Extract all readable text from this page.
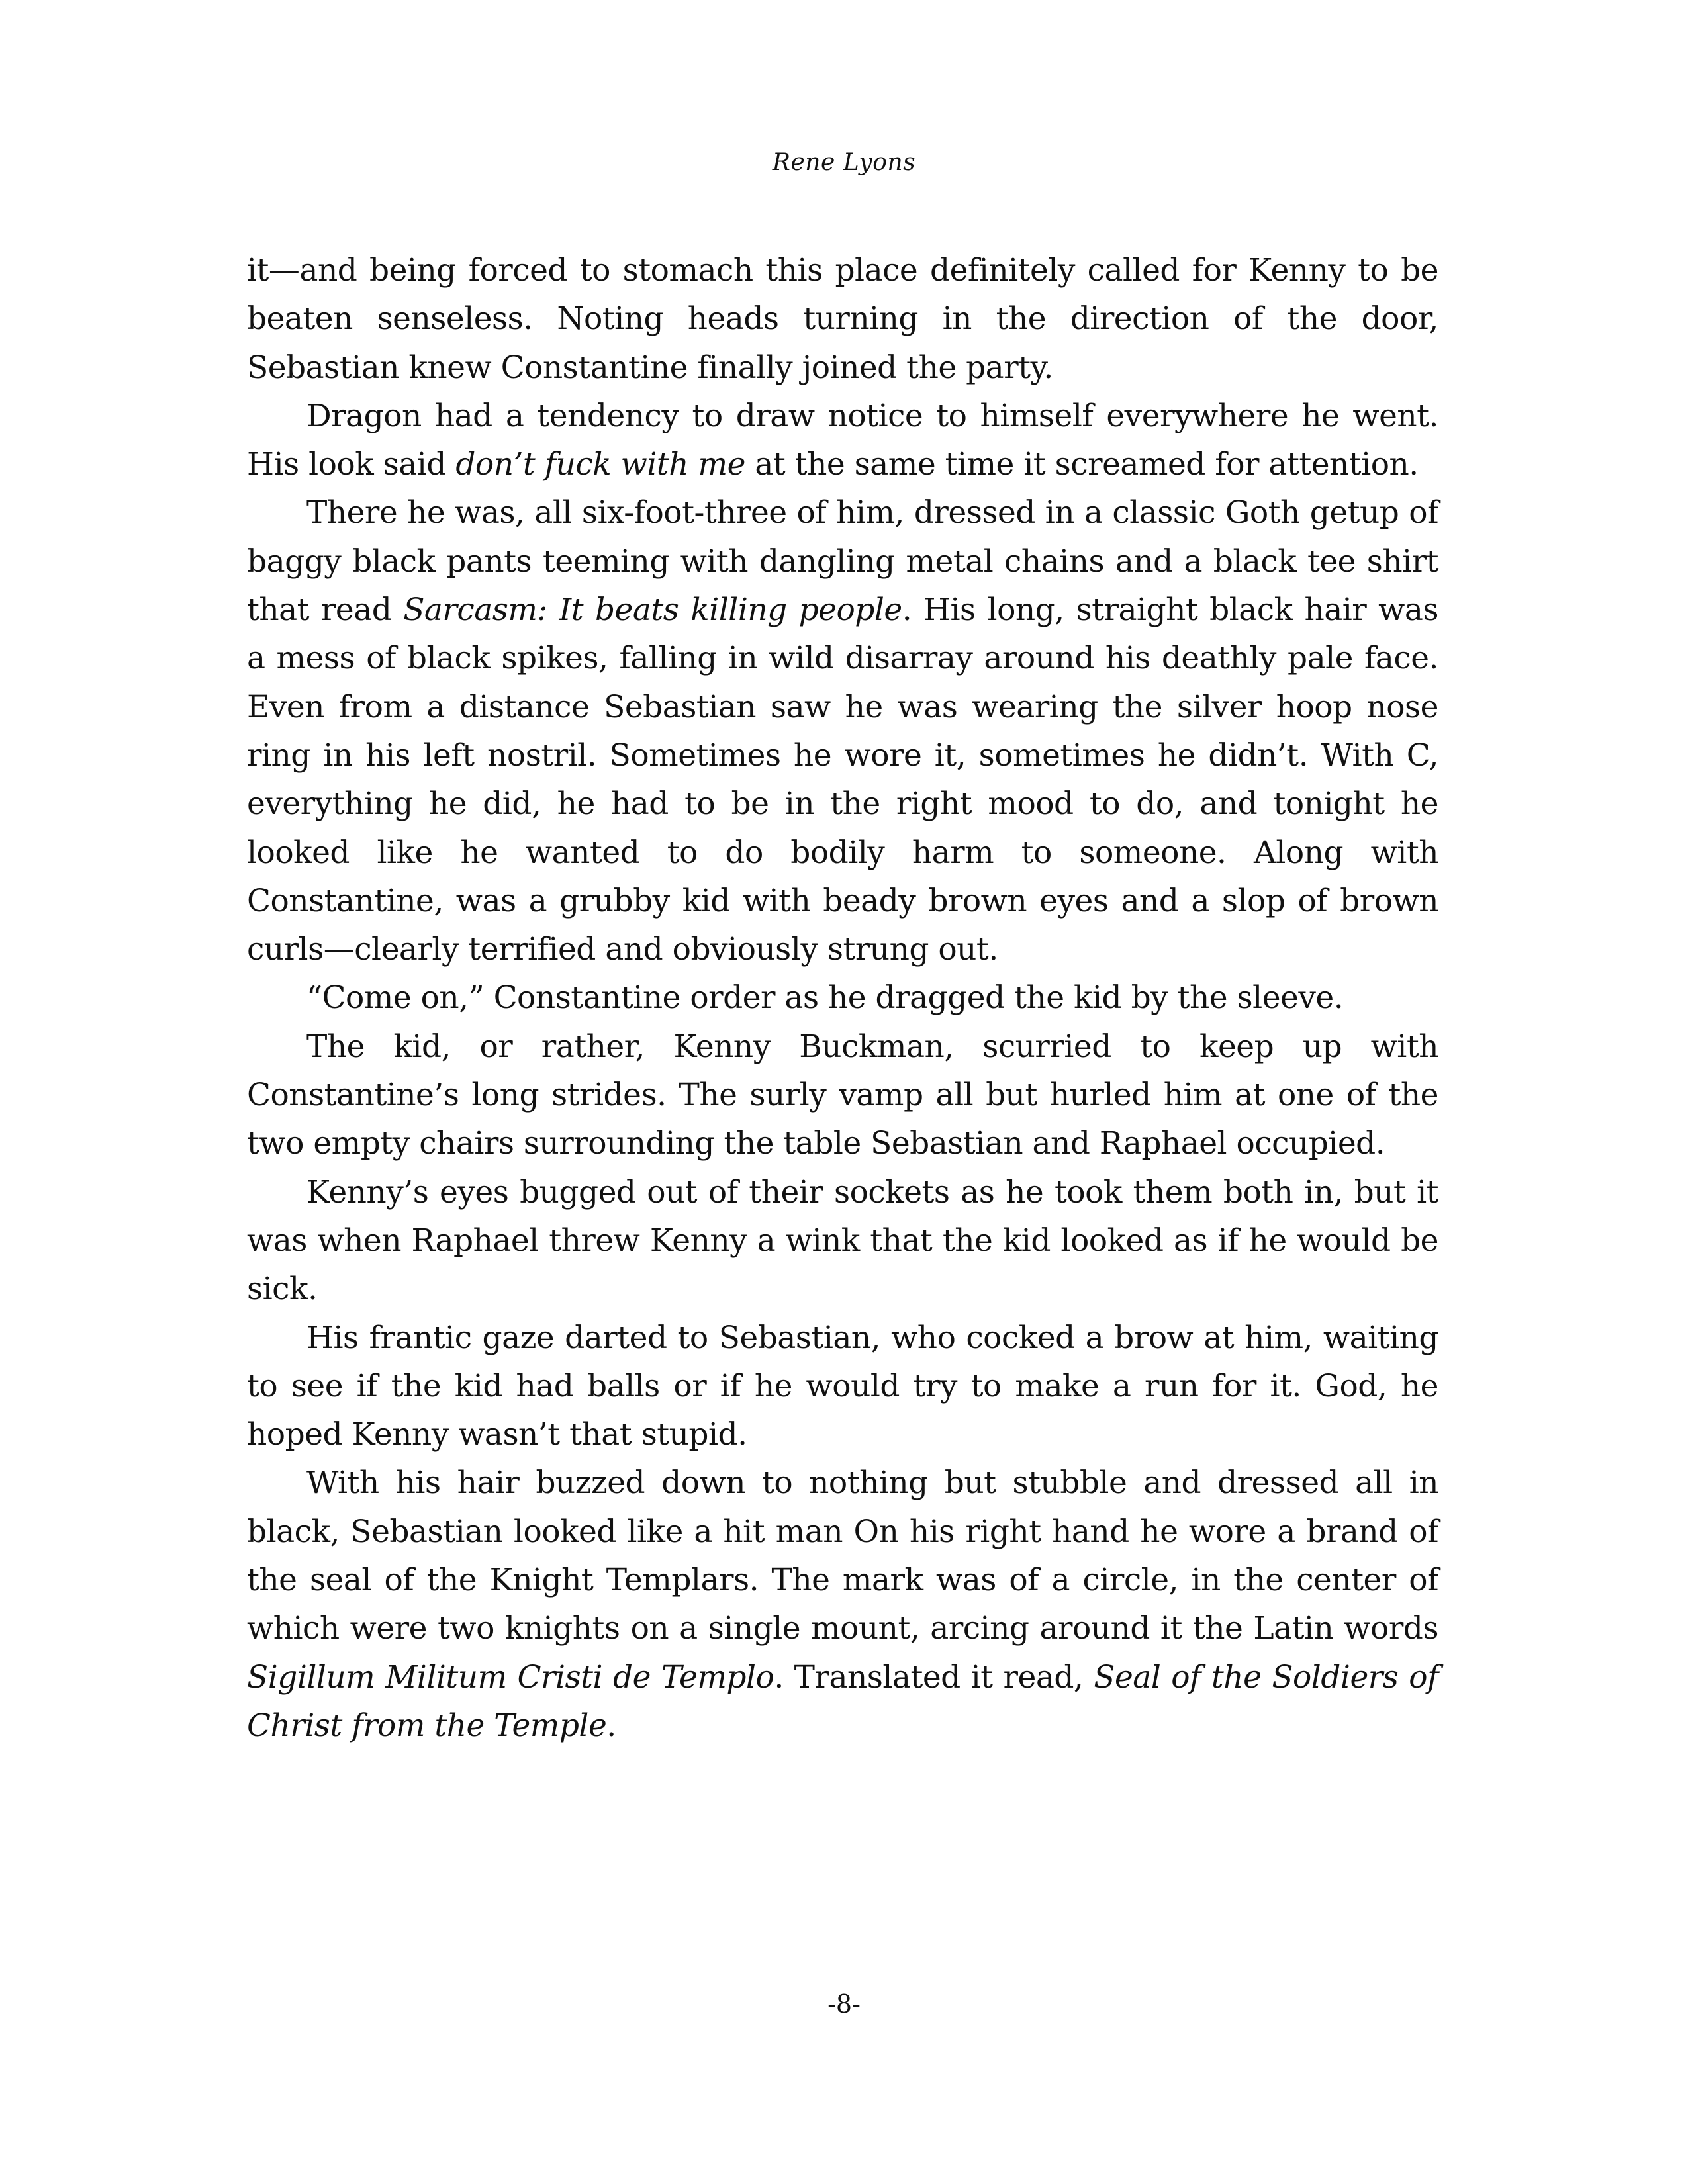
Rene Lyons

it—and being forced to stomach this place definitely called for Kenny to be beaten senseless. Noting heads turning in the direction of the door, Sebastian knew Constantine finally joined the party.

Dragon had a tendency to draw notice to himself everywhere he went. His look said don’t fuck with me at the same time it screamed for attention.

There he was, all six-foot-three of him, dressed in a classic Goth getup of baggy black pants teeming with dangling metal chains and a black tee shirt that read Sarcasm: It beats killing people. His long, straight black hair was a mess of black spikes, falling in wild disarray around his deathly pale face. Even from a distance Sebastian saw he was wearing the silver hoop nose ring in his left nostril. Sometimes he wore it, sometimes he didn’t. With C, everything he did, he had to be in the right mood to do, and tonight he looked like he wanted to do bodily harm to someone. Along with Constantine, was a grubby kid with beady brown eyes and a slop of brown curls—clearly terrified and obviously strung out.

“Come on,” Constantine order as he dragged the kid by the sleeve.

The kid, or rather, Kenny Buckman, scurried to keep up with Constantine’s long strides. The surly vamp all but hurled him at one of the two empty chairs surrounding the table Sebastian and Raphael occupied.

Kenny’s eyes bugged out of their sockets as he took them both in, but it was when Raphael threw Kenny a wink that the kid looked as if he would be sick.

His frantic gaze darted to Sebastian, who cocked a brow at him, waiting to see if the kid had balls or if he would try to make a run for it. God, he hoped Kenny wasn’t that stupid.

With his hair buzzed down to nothing but stubble and dressed all in black, Sebastian looked like a hit man On his right hand he wore a brand of the seal of the Knight Templars. The mark was of a circle, in the center of which were two knights on a single mount, arcing around it the Latin words Sigillum Militum Cristi de Templo. Translated it read, Seal of the Soldiers of Christ from the Temple.

-8-
